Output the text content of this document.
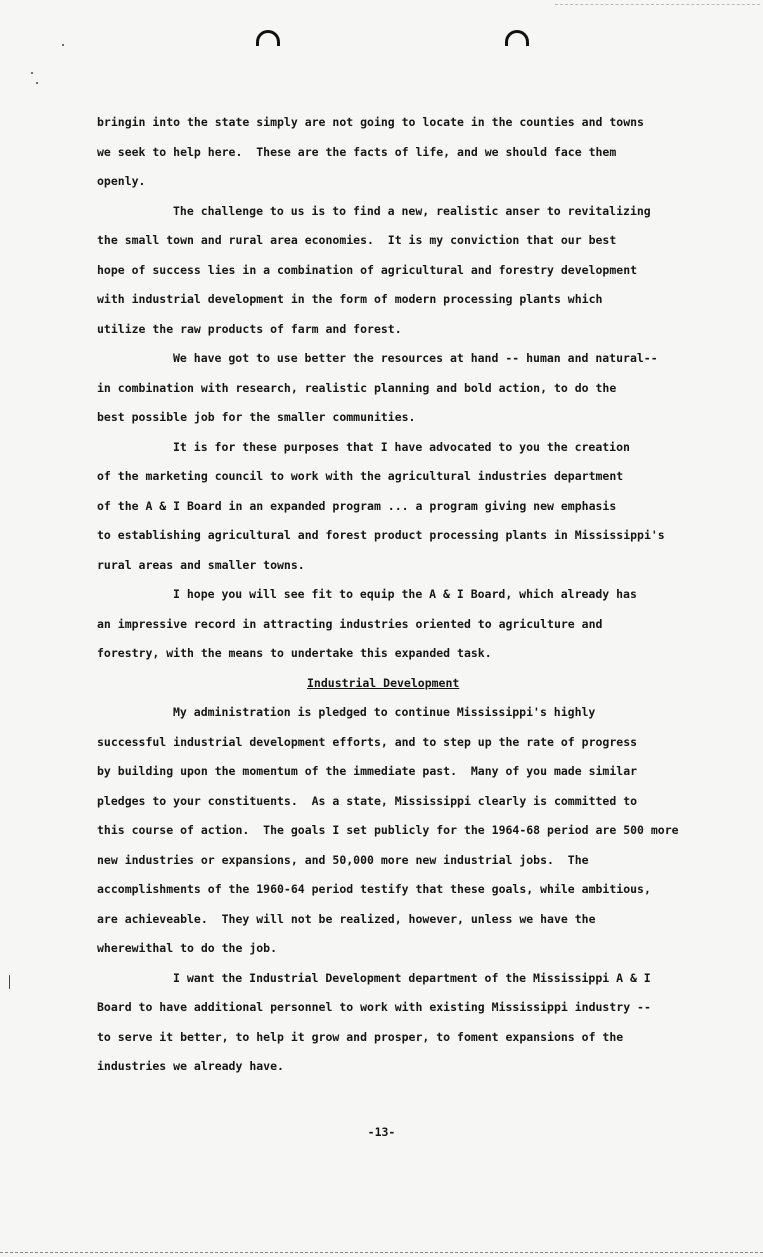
bringin into the state simply are not going to locate in the counties and towns
we seek to help here.  These are the facts of life, and we should face them
openly.
The challenge to us is to find a new, realistic anser to revitalizing
the small town and rural area economies.  It is my conviction that our best
hope of success lies in a combination of agricultural and forestry development
with industrial development in the form of modern processing plants which
utilize the raw products of farm and forest.
We have got to use better the resources at hand -- human and natural--
in combination with research, realistic planning and bold action, to do the
best possible job for the smaller communities.
It is for these purposes that I have advocated to you the creation
of the marketing council to work with the agricultural industries department
of the A & I Board in an expanded program ... a program giving new emphasis
to establishing agricultural and forest product processing plants in Mississippi's
rural areas and smaller towns.
I hope you will see fit to equip the A & I Board, which already has
an impressive record in attracting industries oriented to agriculture and
forestry, with the means to undertake this expanded task.
Industrial Development
My administration is pledged to continue Mississippi's highly
successful industrial development efforts, and to step up the rate of progress
by building upon the momentum of the immediate past.  Many of you made similar
pledges to your constituents.  As a state, Mississippi clearly is committed to
this course of action.  The goals I set publicly for the 1964-68 period are 500 more
new industries or expansions, and 50,000 more new industrial jobs.  The
accomplishments of the 1960-64 period testify that these goals, while ambitious,
are achieveable.  They will not be realized, however, unless we have the
wherewithal to do the job.
I want the Industrial Development department of the Mississippi A & I
Board to have additional personnel to work with existing Mississippi industry --
to serve it better, to help it grow and prosper, to foment expansions of the
industries we already have.
-13-
